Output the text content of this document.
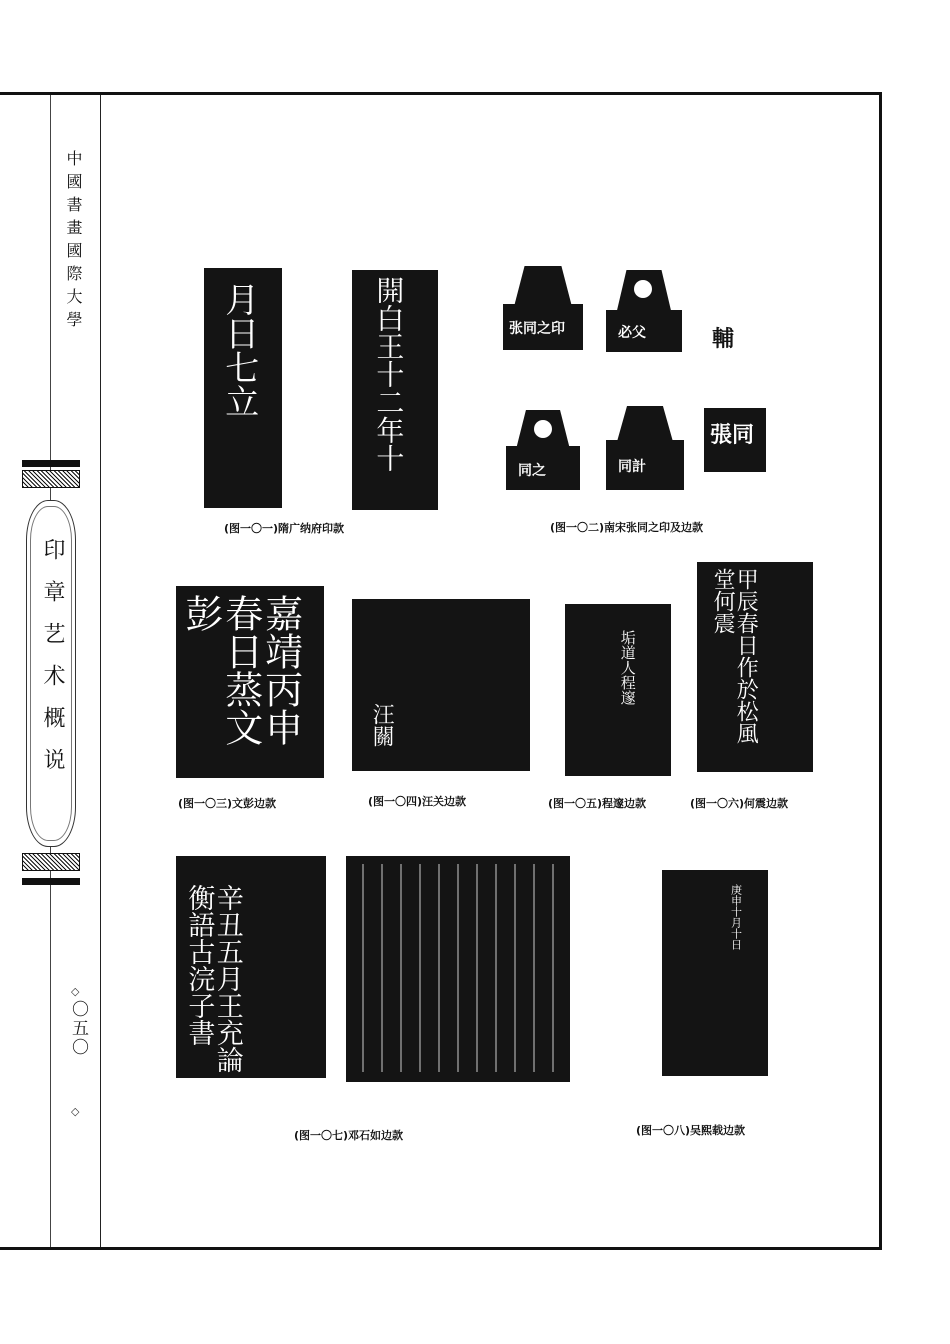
中國書畫國際大學
印章艺术概说
◇
〇五〇
◇
月日七立	開白王十二年十
(图一〇一)隋广纳府印款
张同之印	必父	輔
同之	同計
張同
(图一〇二)南宋张同之印及边款
嘉靖丙申春日蒸文彭
(图一〇三)文彭边款
汪關
(图一〇四)汪关边款
垢道人程邃
(图一〇五)程邃边款
甲辰春日作於松風堂何震
(图一〇六)何震边款
辛丑五月王充論衡語古浣子書
(图一〇七)邓石如边款
庚申十月十日
(图一〇八)吴熙载边款
